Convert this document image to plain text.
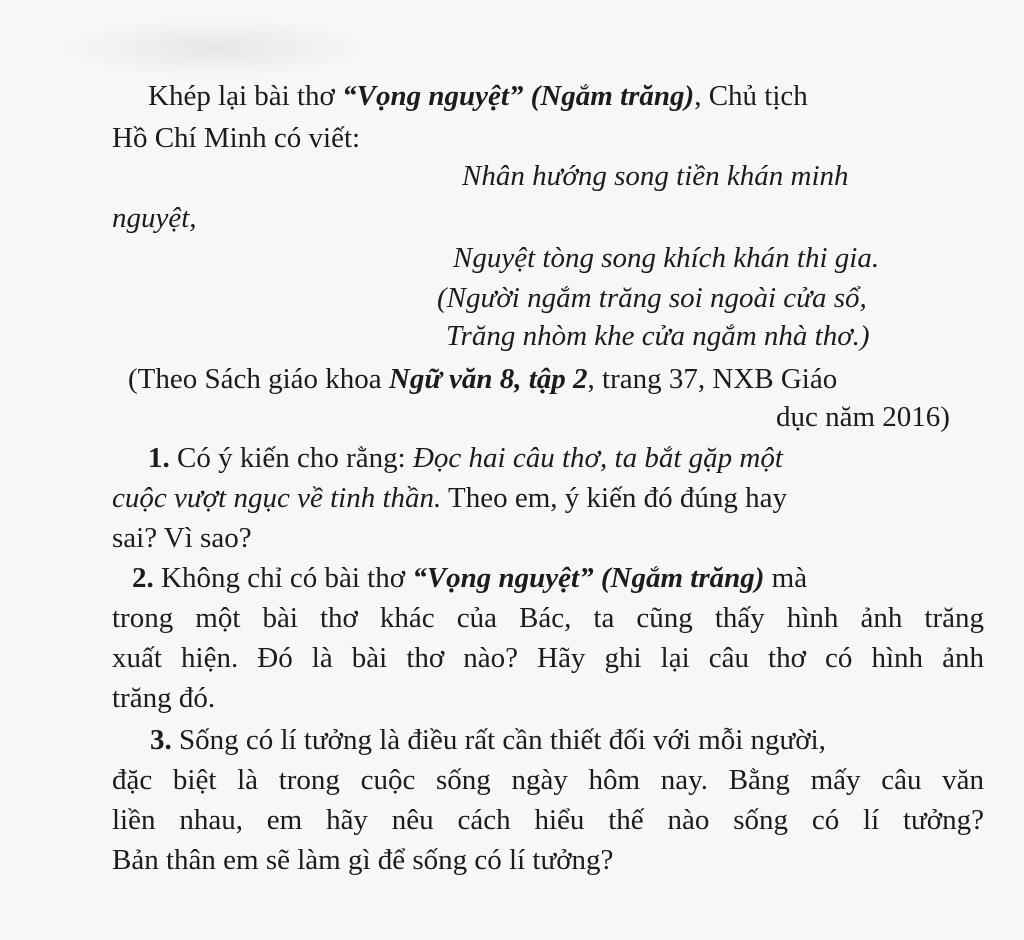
Khép lại bài thơ “Vọng nguyệt” (Ngắm trăng), Chủ tịch
Hồ Chí Minh có viết:
Nhân hướng song tiền khán minh
nguyệt,
Nguyệt tòng song khích khán thi gia.
(Người ngắm trăng soi ngoài cửa sổ,
Trăng nhòm khe cửa ngắm nhà thơ.)
(Theo Sách giáo khoa Ngữ văn 8, tập 2, trang 37, NXB Giáo
dục năm 2016)
1. Có ý kiến cho rằng: Đọc hai câu thơ, ta bắt gặp một
cuộc vượt ngục về tinh thần. Theo em, ý kiến đó đúng hay
sai? Vì sao?
2. Không chỉ có bài thơ “Vọng nguyệt” (Ngắm trăng) mà
trong một bài thơ khác của Bác, ta cũng thấy hình ảnh trăng
xuất hiện. Đó là bài thơ nào? Hãy ghi lại câu thơ có hình ảnh
trăng đó.
3. Sống có lí tưởng là điều rất cần thiết đối với mỗi người,
đặc biệt là trong cuộc sống ngày hôm nay. Bằng mấy câu văn
liền nhau, em hãy nêu cách hiểu thế nào sống có lí tưởng?
Bản thân em sẽ làm gì để sống có lí tưởng?
